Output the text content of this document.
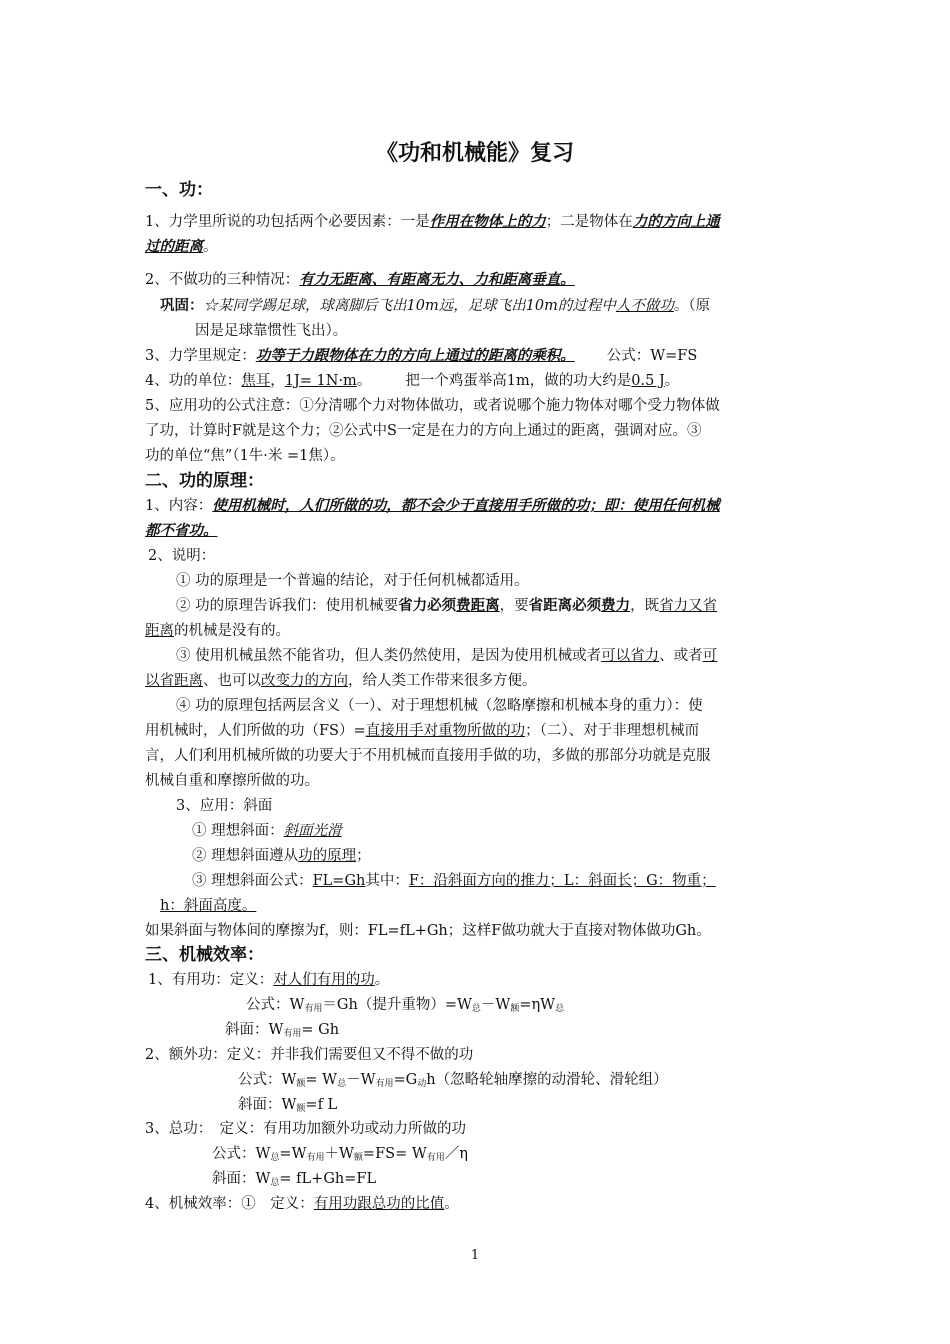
《功和机械能》复习
一、功：
1、力学里所说的功包括两个必要因素：一是作用在物体上的力；二是物体在力的方向上通
过的距离。
2、不做功的三种情况：有力无距离、有距离无力、力和距离垂直。
巩固：☆某同学踢足球，球离脚后飞出10m远，足球飞出10m的过程中人不做功。（原
因是足球靠惯性飞出）。
3、力学里规定：功等于力跟物体在力的方向上通过的距离的乘积。 公式：W=FS
4、功的单位：焦耳，1J= 1N·m。 把一个鸡蛋举高1m，做的功大约是0.5 J。
5、应用功的公式注意：①分清哪个力对物体做功，或者说哪个施力物体对哪个受力物体做
了功，计算时F就是这个力；②公式中S一定是在力的方向上通过的距离，强调对应。③
功的单位“焦”（1牛·米 =1焦）。
二、功的原理：
1、内容：使用机械时，人们所做的功，都不会少于直接用手所做的功；即：使用任何机械
都不省功。
2、说明：
① 功的原理是一个普遍的结论，对于任何机械都适用。
② 功的原理告诉我们：使用机械要省力必须费距离，要省距离必须费力，既省力又省
距离的机械是没有的。
③ 使用机械虽然不能省功，但人类仍然使用，是因为使用机械或者可以省力、或者可
以省距离、也可以改变力的方向，给人类工作带来很多方便。
④ 功的原理包括两层含义（一）、对于理想机械（忽略摩擦和机械本身的重力）：使
用机械时，人们所做的功（FS）=直接用手对重物所做的功；（二）、对于非理想机械而
言，人们利用机械所做的功要大于不用机械而直接用手做的功，多做的那部分功就是克服
机械自重和摩擦所做的功。
3、应用：斜面
① 理想斜面：斜面光滑
② 理想斜面遵从功的原理；
③ 理想斜面公式：FL=Gh其中：F：沿斜面方向的推力；L：斜面长；G：物重；
h：斜面高度。
如果斜面与物体间的摩擦为f，则：FL=fL+Gh；这样F做功就大于直接对物体做功Gh。
三、机械效率：
1、有用功：定义：对人们有用的功。
公式：$W_{有用}=Gh$（提升重物）$=W_总-W_额=\eta W_总$
斜面：$W_{有用}= Gh$
2、额外功：定义：并非我们需要但又不得不做的功
公式：$W_额= W_总-W_{有用}=G_动h$（忽略轮轴摩擦的动滑轮、滑轮组）
斜面：$W_额=f$ L
3、总功：　定义：有用功加额外功或动力所做的功
公式：$W_总=W_{有用}+W_额=FS=$ $W_{有用}/\eta$
斜面：$W_总= fL+Gh=FL$
4、机械效率：①　定义：有用功跟总功的比值。
1
